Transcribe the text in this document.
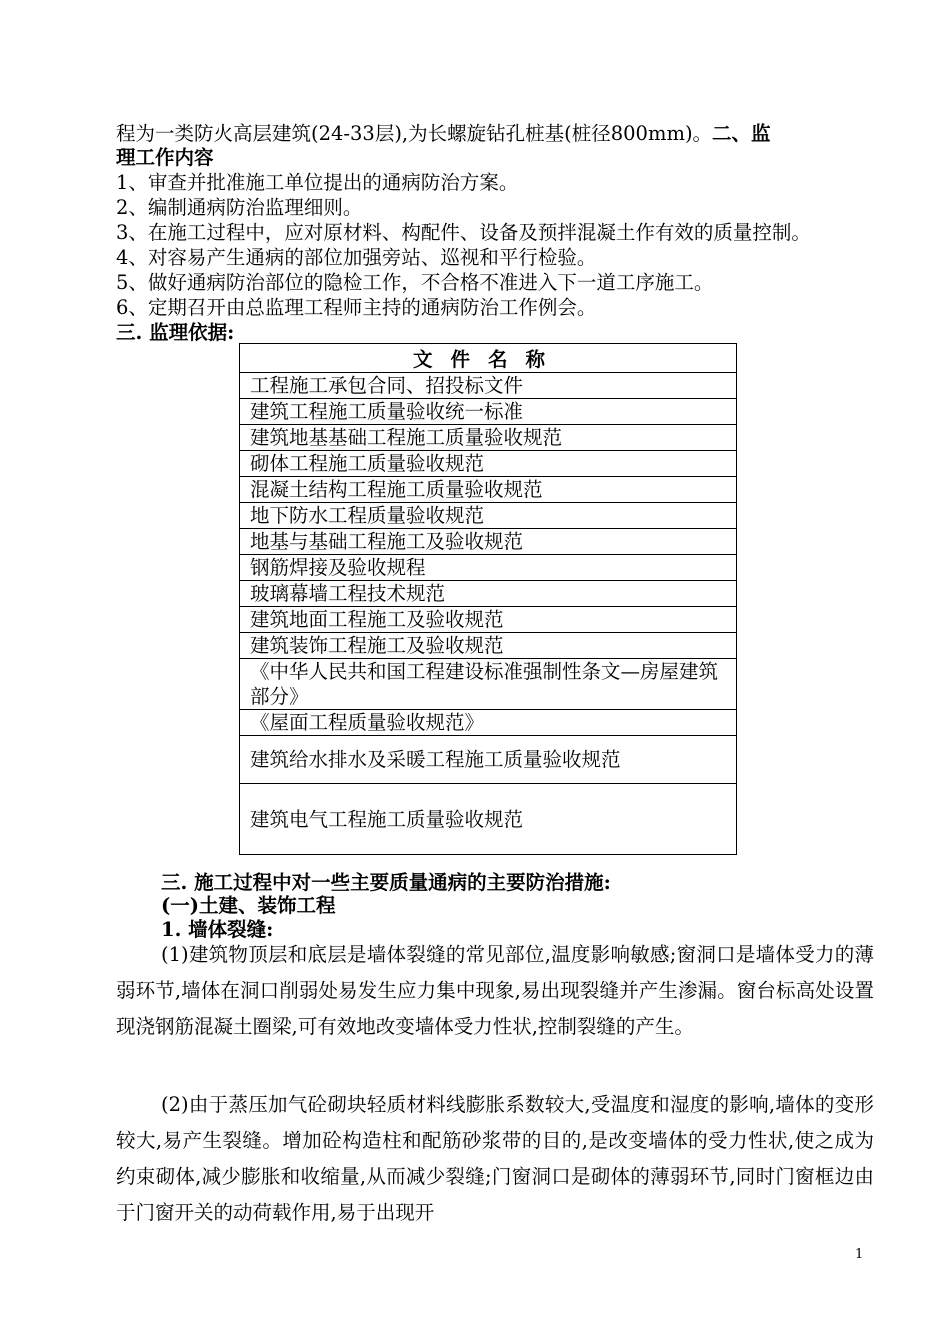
程为一类防火高层建筑(24-33层),为长螺旋钻孔桩基(桩径800mm)。二、监
理工作内容
1、审查并批准施工单位提出的通病防治方案。
2、编制通病防治监理细则。
3、在施工过程中，应对原材料、构配件、设备及预拌混凝土作有效的质量控制。
4、对容易产生通病的部位加强旁站、巡视和平行检验。
5、做好通病防治部位的隐检工作，不合格不准进入下一道工序施工。
6、定期召开由总监理工程师主持的通病防治工作例会。
三. 监理依据:
文件名称
工程施工承包合同、招投标文件
建筑工程施工质量验收统一标准
建筑地基基础工程施工质量验收规范
砌体工程施工质量验收规范
混凝土结构工程施工质量验收规范
地下防水工程质量验收规范
地基与基础工程施工及验收规范
钢筋焊接及验收规程
玻璃幕墙工程技术规范
建筑地面工程施工及验收规范
建筑装饰工程施工及验收规范
《中华人民共和国工程建设标准强制性条文—房屋建筑部分》
《屋面工程质量验收规范》
建筑给水排水及采暖工程施工质量验收规范
建筑电气工程施工质量验收规范
三. 施工过程中对一些主要质量通病的主要防治措施:
(一)土建、装饰工程
1. 墙体裂缝:
(1)建筑物顶层和底层是墙体裂缝的常见部位,温度影响敏感;窗洞口是墙体受力的薄弱环节,墙体在洞口削弱处易发生应力集中现象,易出现裂缝并产生渗漏。窗台标高处设置现浇钢筋混凝土圈梁,可有效地改变墙体受力性状,控制裂缝的产生。
(2)由于蒸压加气砼砌块轻质材料线膨胀系数较大,受温度和湿度的影响,墙体的变形较大,易产生裂缝。增加砼构造柱和配筋砂浆带的目的,是改变墙体的受力性状,使之成为约束砌体,减少膨胀和收缩量,从而减少裂缝;门窗洞口是砌体的薄弱环节,同时门窗框边由于门窗开关的动荷载作用,易于出现开
1
